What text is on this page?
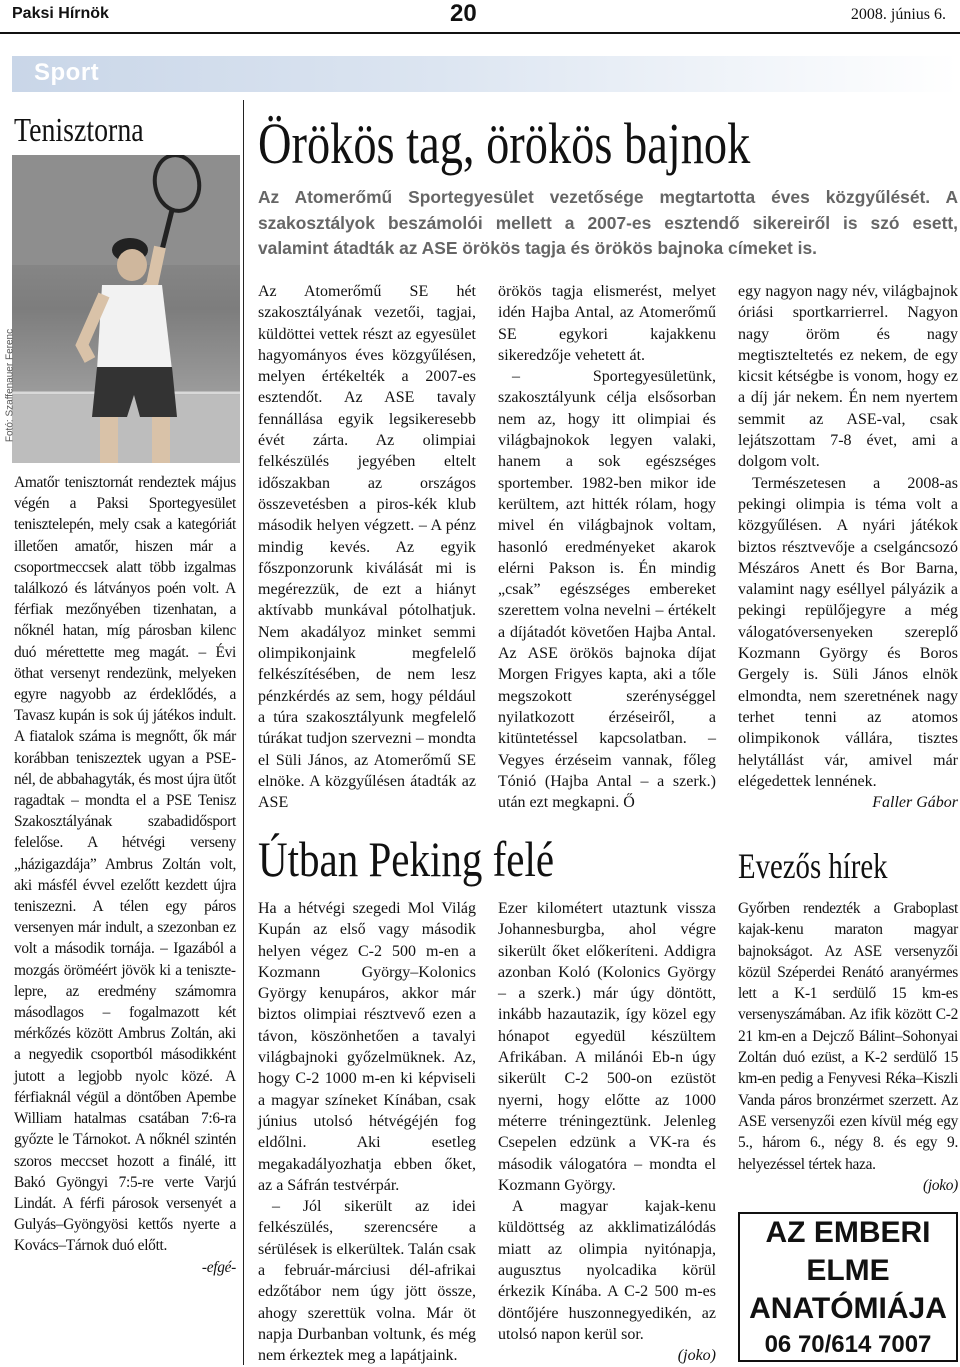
Paksi Hírnök	20	2008. június 6.
Sport
Tenisztorna
Fotó: Szaffenauer Ferenc

Amatőr tenisztornát rendeztek május végén a Paksi Sportegyesület tenisztelepén, mely csak a kategóriát illetően amatőr, hiszen már a csoportmeccsek alatt több izgalmas találkozó és látványos poén volt. A férfiak mezőnyében tizenhatan, a nőknél hatan, míg párosban kilenc duó mérettette meg magát. – Évi öthat versenyt rendezünk, melyeken egyre nagyobb az érdeklődés, a Tavasz kupán is sok új játékos indult. A fiatalok száma is megnőtt, ők már korábban teniszeztek ugyan a PSE-nél, de abbahagyták, és most újra ütőt ragadtak – mondta el a PSE Tenisz Szakosztályának szabadidősport felelőse. A hétvégi verseny „házigazdája” Ambrus Zoltán volt, aki másfél évvel ezelőtt kezdett újra teniszezni. A télen egy páros versenyen már indult, a szezonban ez volt a második tornája. – Igazából a mozgás öröméért jövök ki a tenisztelepre, az eredmény számomra másodlagos – fogalmazott két mérkőzés között Ambrus Zoltán, aki a negyedik csoportból másodikként jutott a legjobb nyolc közé. A férfiaknál végül a döntőben Apembe William hatalmas csatában 7:6-ra győzte le Tárnokot. A nőknél szintén szoros meccset hozott a finálé, itt Bakó Gyöngyi 7:5-re verte Varjú Lindát. A férfi párosok versenyét a Gulyás–Gyöngyösi kettős nyerte a Kovács–Tárnok duó előtt.

-efgé-

Örökös tag, örökös bajnok
Az Atomerőmű Sportegyesület vezetősége megtartotta éves közgyűlését. A szakosztályok beszámolói mellett a 2007-es esztendő sikereiről is szó esett, valamint átadták az ASE örökös tagja és örökös bajnoka címeket is.

Az Atomerőmű SE hét szakosztályának vezetői, tagjai, küldöttei vettek részt az egyesület hagyományos éves közgyűlésen, melyen értékelték a 2007-es esztendőt. Az ASE tavaly fennállása egyik legsikeresebb évét zárta. Az olimpiai felkészülés jegyében eltelt időszakban az országos összevetésben a piros-kék klub második helyen végzett. – A pénz mindig kevés. Az egyik főszponzorunk kiválását mi is megérezzük, de ezt a hiányt aktívabb munkával pótolhatjuk. Nem akadályoz minket semmi olimpikonjaink megfelelő felkészítésében, de nem lesz pénzkérdés az sem, hogy például a túra szakosztályunk megfelelő túrákat tudjon szervezni – mondta el Süli János, az Atomerőmű SE elnöke. A közgyűlésen átadták az ASE

örökös tagja elismerést, melyet idén Hajba Antal, az Atomerőmű SE egykori kajakkenu sikeredzője vehetett át.

– Sportegyesületünk, szakosztályunk célja elsősorban nem az, hogy itt olimpiai és világbajnokok legyen valaki, hanem a sok egészséges sportember. 1982-ben mikor ide kerültem, azt hitték rólam, hogy mivel én világbajnok voltam, hasonló eredményeket akarok elérni Pakson is. Én mindig „csak” egészséges embereket szerettem volna nevelni – értékelt a díjátadót követően Hajba Antal. Az ASE örökös bajnoka díjat Morgen Frigyes kapta, aki a tőle megszokott szerénységgel nyilatkozott érzéseiről, a kitüntetéssel kapcsolatban. – Vegyes érzéseim vannak, főleg Tónió (Hajba Antal – a szerk.) után ezt megkapni. Ő

egy nagyon nagy név, világbajnok óriási sportkarrierrel. Nagyon nagy öröm és nagy megtiszteltetés ez nekem, de egy kicsit kétségbe is vonom, hogy ez a díj jár nekem. Én nem nyertem semmit az ASE-val, csak lejátszottam 7-8 évet, ami a dolgom volt.

Természetesen a 2008-as pekingi olimpia is téma volt a közgyűlésen. A nyári játékok biztos résztvevője a cselgáncsozó Mészáros Anett és Bor Barna, valamint nagy eséllyel pályázik a pekingi repülőjegyre a még válogatóversenyeken szereplő Kozmann György és Boros Gergely is. Süli János elnök elmondta, nem szeretnének nagy terhet tenni az atomos olimpikonok vállára, tisztes helytállást vár, amivel már elégedettek lennének.

Faller Gábor

Útban Peking felé

Ha a hétvégi szegedi Mol Világ Kupán az első vagy második helyen végez C-2 500 m-en a Kozmann György–Kolonics György kenupáros, akkor már biztos olimpiai résztvevő ezen a távon, köszönhetően a tavalyi világbajnoki győzelmüknek. Az, hogy C-2 1000 m-en ki képviseli a magyar színeket Kínában, csak június utolsó hétvégéjén fog eldőlni. Aki esetleg megakadályozhatja ebben őket, az a Sáfrán testvérpár.

– Jól sikerült az idei felkészülés, szerencsére a sérülések is elkerültek. Talán csak a február-márciusi dél-afrikai edzőtábor nem úgy jött össze, ahogy szerettük volna. Már öt napja Durbanban voltunk, és még nem érkeztek meg a lapátjaink.

Ezer kilométert utaztunk vissza Johannesburgba, ahol végre sikerült őket előkeríteni. Addigra azonban Koló (Kolonics György – a szerk.) már úgy döntött, inkább hazautazik, így közel egy hónapot egyedül készültem Afrikában. A milánói Eb-n úgy sikerült C-2 500-on ezüstöt nyerni, hogy előtte az 1000 méterre tréningeztünk. Jelenleg Csepelen edzünk a VK-ra és második válogatóra – mondta el Kozmann György.

A magyar kajak-kenu küldöttség az akklimatizálódás miatt az olimpia nyitónapja, augusztus nyolcadika körül érkezik Kínába. A C-2 500 m-es döntőjére huszonnegyedikén, az utolsó napon kerül sor.

(joko)

Evezős hírek

Győrben rendezték a Graboplast kajak-kenu maraton magyar bajnokságot. Az ASE versenyzői közül Széperdei Renátó aranyérmes lett a K-1 serdülő 15 km-es versenyszámában. Az ifik között C-2 21 km-en a Dejcző Bálint–Sohonyai Zoltán duó ezüst, a K-2 serdülő 15 km-en pedig a Fenyvesi Réka–Kiszli Vanda páros bronzérmet szerzett. Az ASE versenyzői ezen kívül még egy 5., három 6., négy 8. és egy 9. helyezéssel tértek haza.

(joko)

AZ EMBERI
ELME
ANATÓMIÁJA
06 70/614 7007
